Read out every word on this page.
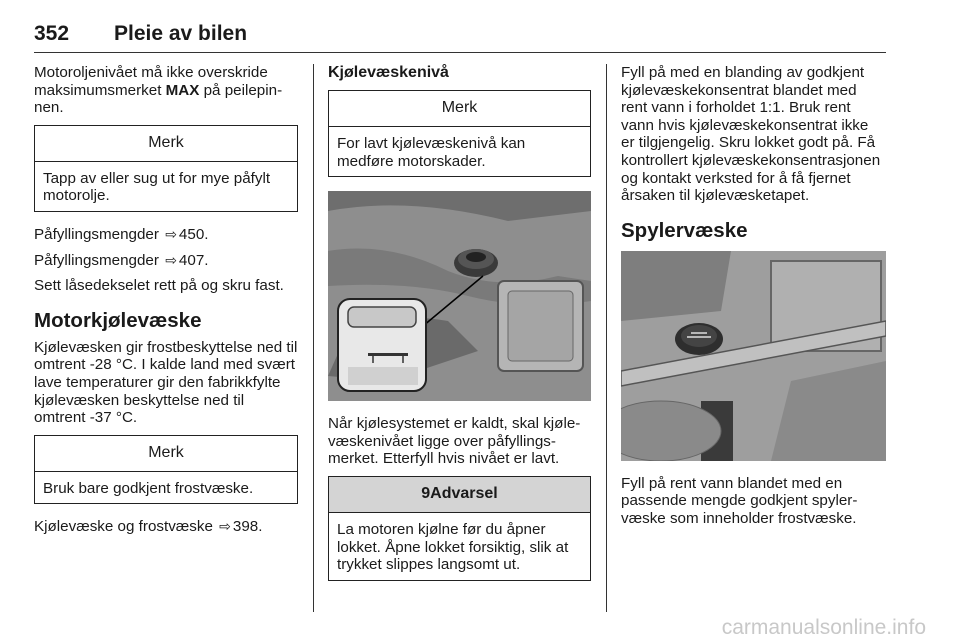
352 Pleie av bilen

Motoroljenivået må ikke overskride maksimumsmerket MAX på peilepinnen.

Merk
Tapp av eller sug ut for mye påfylt motorolje.

Påfyllingsmengder ⇨ 450.

Påfyllingsmengder ⇨ 407.

Sett låsedekselet rett på og skru fast.

Motorkjølevæske

Kjølevæsken gir frostbeskyttelse ned til omtrent -28 °C. I kalde land med svært lave temperaturer gir den fabrikkfylte kjølevæsken beskyttelse ned til omtrent -37 °C.

Merk
Bruk bare godkjent frostvæske.

Kjølevæske og frostvæske ⇨ 398.

Kjølevæskenivå
Merk
For lavt kjølevæskenivå kan medføre motorskader.

Når kjølesystemet er kaldt, skal kjølevæskenivået ligge over påfyllingsmerket. Etterfyll hvis nivået er lavt.

9Advarsel
La motoren kjølne før du åpner lokket. Åpne lokket forsiktig, slik at trykket slippes langsomt ut.

Fyll på med en blanding av godkjent kjølevæskekonsentrat blandet med rent vann i forholdet 1:1. Bruk rent vann hvis kjølevæskekonsentrat ikke er tilgjengelig. Skru lokket godt på. Få kontrollert kjølevæskekonsentrasjonen og kontakt verksted for å få fjernet årsaken til kjølevæsketapet.

Spylervæske

Fyll på rent vann blandet med en passende mengde godkjent spylervæske som inneholder frostvæske.

carmanualsonline.info
